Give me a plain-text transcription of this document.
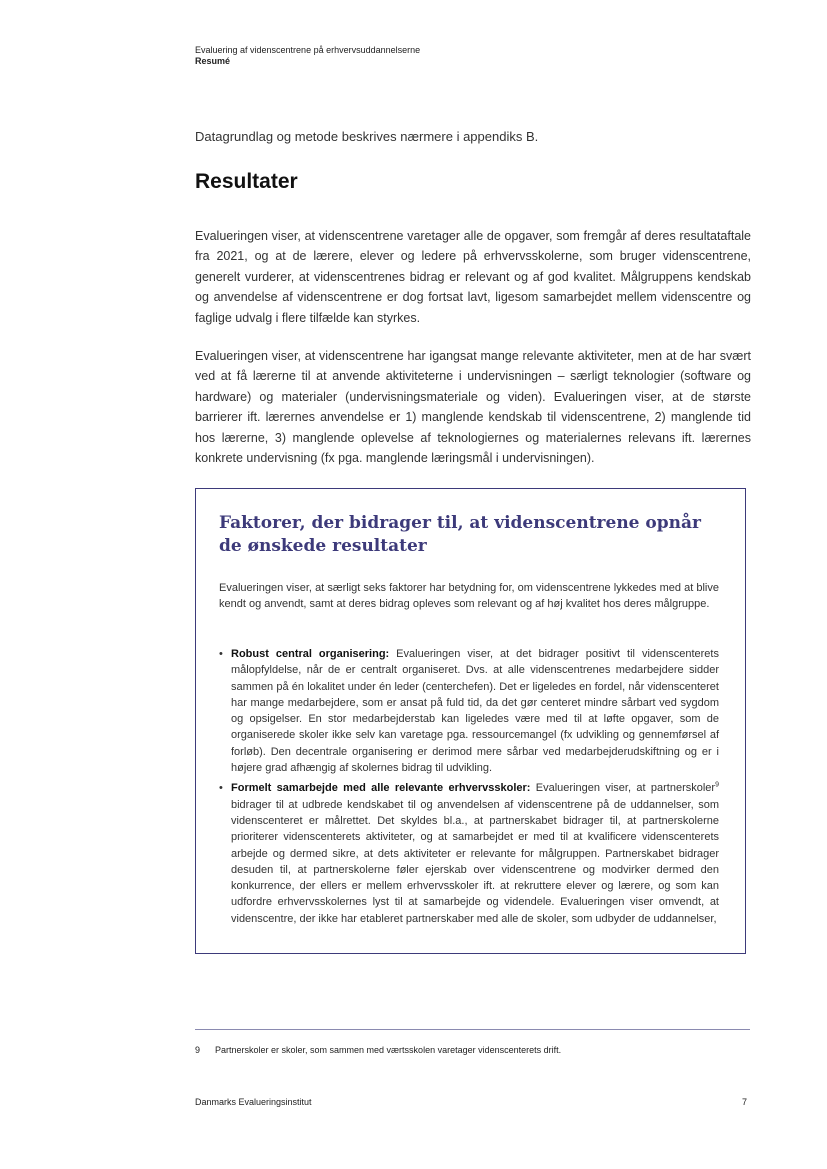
Evaluering af videnscentrene på erhvervsuddannelserne
Resumé

Datagrundlag og metode beskrives nærmere i appendiks B.

Resultater

Evalueringen viser, at videnscentrene varetager alle de opgaver, som fremgår af deres resultataftale fra 2021, og at de lærere, elever og ledere på erhvervsskolerne, som bruger videnscentrene, generelt vurderer, at videnscentrenes bidrag er relevant og af god kvalitet. Målgruppens kendskab og anvendelse af videnscentrene er dog fortsat lavt, ligesom samarbejdet mellem videnscentre og faglige udvalg i flere tilfælde kan styrkes.

Evalueringen viser, at videnscentrene har igangsat mange relevante aktiviteter, men at de har svært ved at få lærerne til at anvende aktiviteterne i undervisningen – særligt teknologier (software og hardware) og materialer (undervisningsmateriale og viden). Evalueringen viser, at de største barrierer ift. lærernes anvendelse er 1) manglende kendskab til videnscentrene, 2) manglende tid hos lærerne, 3) manglende oplevelse af teknologiernes og materialernes relevans ift. lærernes konkrete undervisning (fx pga. manglende læringsmål i undervisningen).

Faktorer, der bidrager til, at videnscentrene opnår de ønskede resultater

Evalueringen viser, at særligt seks faktorer har betydning for, om videnscentrene lykkedes med at blive kendt og anvendt, samt at deres bidrag opleves som relevant og af høj kvalitet hos deres målgruppe.

• Robust central organisering: Evalueringen viser, at det bidrager positivt til videnscenterets målopfyldelse, når de er centralt organiseret. Dvs. at alle videnscentrenes medarbejdere sidder sammen på én lokalitet under én leder (centerchefen). Det er ligeledes en fordel, når videnscenteret har mange medarbejdere, som er ansat på fuld tid, da det gør centeret mindre sårbart ved sygdom og opsigelser. En stor medarbejderstab kan ligeledes være med til at løfte opgaver, som de organiserede skoler ikke selv kan varetage pga. ressourcemangel (fx udvikling og gennemførsel af forløb). Den decentrale organisering er derimod mere sårbar ved medarbejderudskiftning og er i højere grad afhængig af skolernes bidrag til udvikling.
• Formelt samarbejde med alle relevante erhvervsskoler: Evalueringen viser, at partnerskoler$^9$ bidrager til at udbrede kendskabet til og anvendelsen af videnscentrene på de uddannelser, som videnscenteret er målrettet. Det skyldes bl.a., at partnerskabet bidrager til, at partnerskolerne prioriterer videnscenterets aktiviteter, og at samarbejdet er med til at kvalificere videnscenterets arbejde og dermed sikre, at dets aktiviteter er relevante for målgruppen. Partnerskabet bidrager desuden til, at partnerskolerne føler ejerskab over videnscentrene og modvirker dermed den konkurrence, der ellers er mellem erhvervsskoler ift. at rekruttere elever og lærere, og som kan udfordre erhvervsskolernes lyst til at samarbejde og videndele. Evalueringen viser omvendt, at videnscentre, der ikke har etableret partnerskaber med alle de skoler, som udbyder de uddannelser,
9 Partnerskoler er skoler, som sammen med værtsskolen varetager videnscenterets drift.
Danmarks Evalueringsinstitut	7
